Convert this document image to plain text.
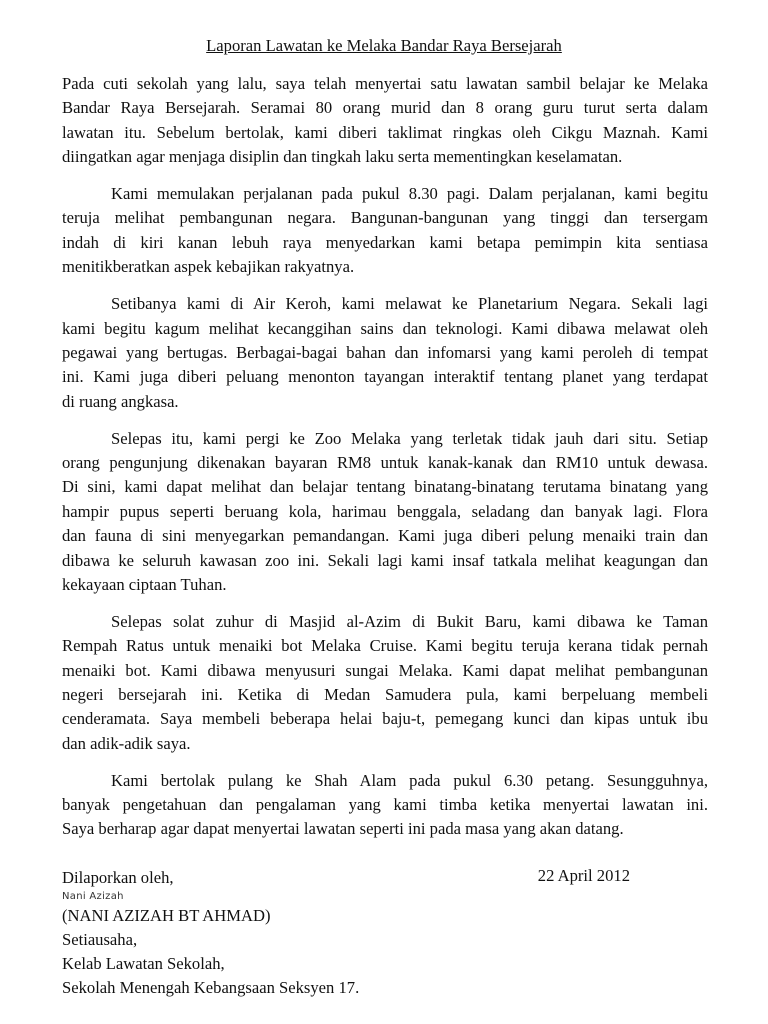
Laporan Lawatan ke Melaka Bandar Raya Bersejarah
Pada cuti sekolah yang lalu, saya telah menyertai satu lawatan sambil belajar ke Melaka
Bandar Raya Bersejarah. Seramai 80 orang murid dan 8 orang guru turut serta dalam
lawatan itu. Sebelum bertolak, kami diberi taklimat ringkas oleh Cikgu Maznah. Kami
diingatkan agar menjaga disiplin dan tingkah laku serta mementingkan keselamatan.
Kami memulakan perjalanan pada pukul 8.30 pagi. Dalam perjalanan, kami begitu
teruja melihat pembangunan negara. Bangunan-bangunan yang tinggi dan tersergam
indah di kiri kanan lebuh raya menyedarkan kami betapa pemimpin kita sentiasa
menitikberatkan aspek kebajikan rakyatnya.
Setibanya kami di Air Keroh, kami melawat ke Planetarium Negara. Sekali lagi
kami begitu kagum melihat kecanggihan sains dan teknologi. Kami dibawa melawat oleh
pegawai yang bertugas. Berbagai-bagai bahan dan infomarsi yang kami peroleh di tempat
ini. Kami juga diberi peluang menonton tayangan interaktif tentang planet yang terdapat
di ruang angkasa.
Selepas itu, kami pergi ke Zoo Melaka yang terletak tidak jauh dari situ. Setiap
orang pengunjung dikenakan bayaran RM8 untuk kanak-kanak dan RM10 untuk dewasa.
Di sini, kami dapat melihat dan belajar tentang binatang-binatang terutama binatang yang
hampir pupus seperti beruang kola, harimau benggala, seladang dan banyak lagi. Flora
dan fauna di sini menyegarkan pemandangan. Kami juga diberi pelung menaiki train dan
dibawa ke seluruh kawasan zoo ini. Sekali lagi kami insaf tatkala melihat keagungan dan
kekayaan ciptaan Tuhan.
Selepas solat zuhur di Masjid al-Azim di Bukit Baru, kami dibawa ke Taman
Rempah Ratus untuk menaiki bot Melaka Cruise. Kami begitu teruja kerana tidak pernah
menaiki bot. Kami dibawa menyusuri sungai Melaka. Kami dapat melihat pembangunan
negeri bersejarah ini. Ketika di Medan Samudera pula, kami berpeluang membeli
cenderamata. Saya membeli beberapa helai baju-t, pemegang kunci dan kipas untuk ibu
dan adik-adik saya.
Kami bertolak pulang ke Shah Alam pada pukul 6.30 petang. Sesungguhnya,
banyak pengetahuan dan pengalaman yang kami timba ketika menyertai lawatan ini.
Saya berharap agar dapat menyertai lawatan seperti ini pada masa yang akan datang.
Dilaporkan oleh,	22 April 2012
Nani Azizah
(NANI AZIZAH BT AHMAD)
Setiausaha,
Kelab Lawatan Sekolah,
Sekolah Menengah Kebangsaan Seksyen 17.
